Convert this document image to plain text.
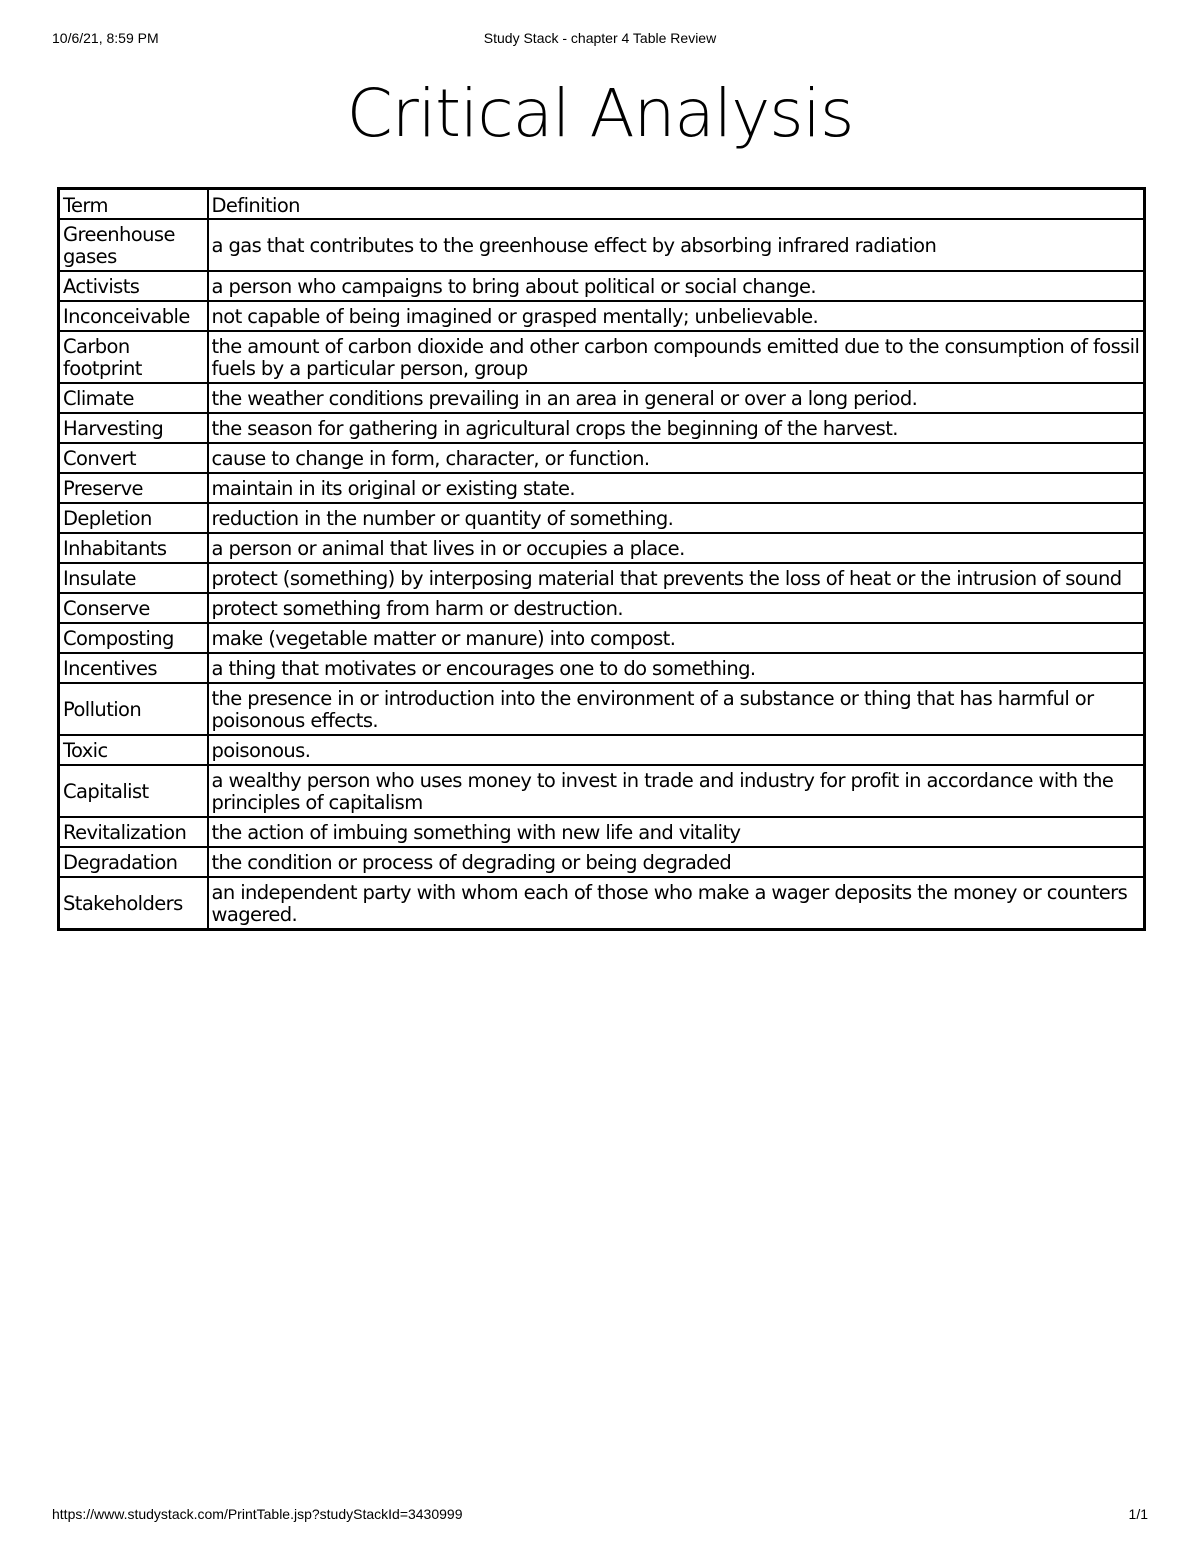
10/6/21, 8:59 PM	Study Stack - chapter 4 Table Review
Critical Analysis
Term	Definition
Greenhouse gases	a gas that contributes to the greenhouse effect by absorbing infrared radiation
Activists	a person who campaigns to bring about political or social change.
Inconceivable	not capable of being imagined or grasped mentally; unbelievable.
Carbon footprint	the amount of carbon dioxide and other carbon compounds emitted due to the consumption of fossil fuels by a particular person, group
Climate	the weather conditions prevailing in an area in general or over a long period.
Harvesting	the season for gathering in agricultural crops the beginning of the harvest.
Convert	cause to change in form, character, or function.
Preserve	maintain in its original or existing state.
Depletion	reduction in the number or quantity of something.
Inhabitants	a person or animal that lives in or occupies a place.
Insulate	protect (something) by interposing material that prevents the loss of heat or the intrusion of sound
Conserve	protect something from harm or destruction.
Composting	make (vegetable matter or manure) into compost.
Incentives	a thing that motivates or encourages one to do something.
Pollution	the presence in or introduction into the environment of a substance or thing that has harmful or poisonous effects.
Toxic	poisonous.
Capitalist	a wealthy person who uses money to invest in trade and industry for profit in accordance with the principles of capitalism
Revitalization	the action of imbuing something with new life and vitality
Degradation	the condition or process of degrading or being degraded
Stakeholders	an independent party with whom each of those who make a wager deposits the money or counters wagered.
https://www.studystack.com/PrintTable.jsp?studyStackId=3430999	1/1
